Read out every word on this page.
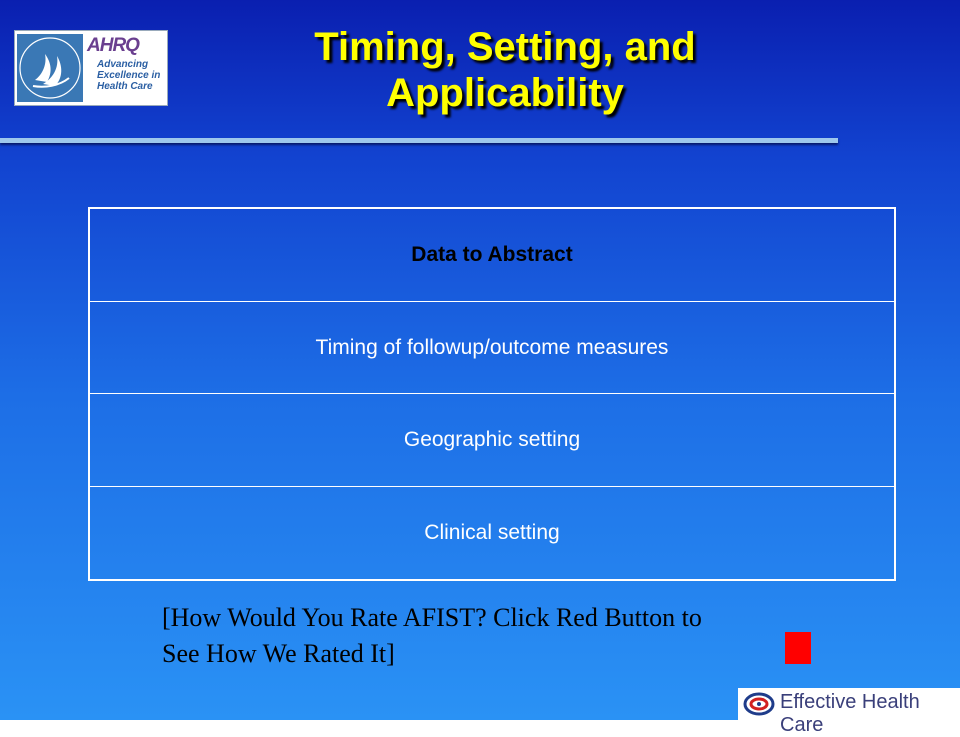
AHRQ
Advancing
Excellence in
Health Care
Timing, Setting, and Applicability
Data to Abstract
Timing of followup/outcome measures
Geographic setting
Clinical setting
[How Would You Rate AFIST? Click Red Button to See How We Rated It]
Effective Health Care
